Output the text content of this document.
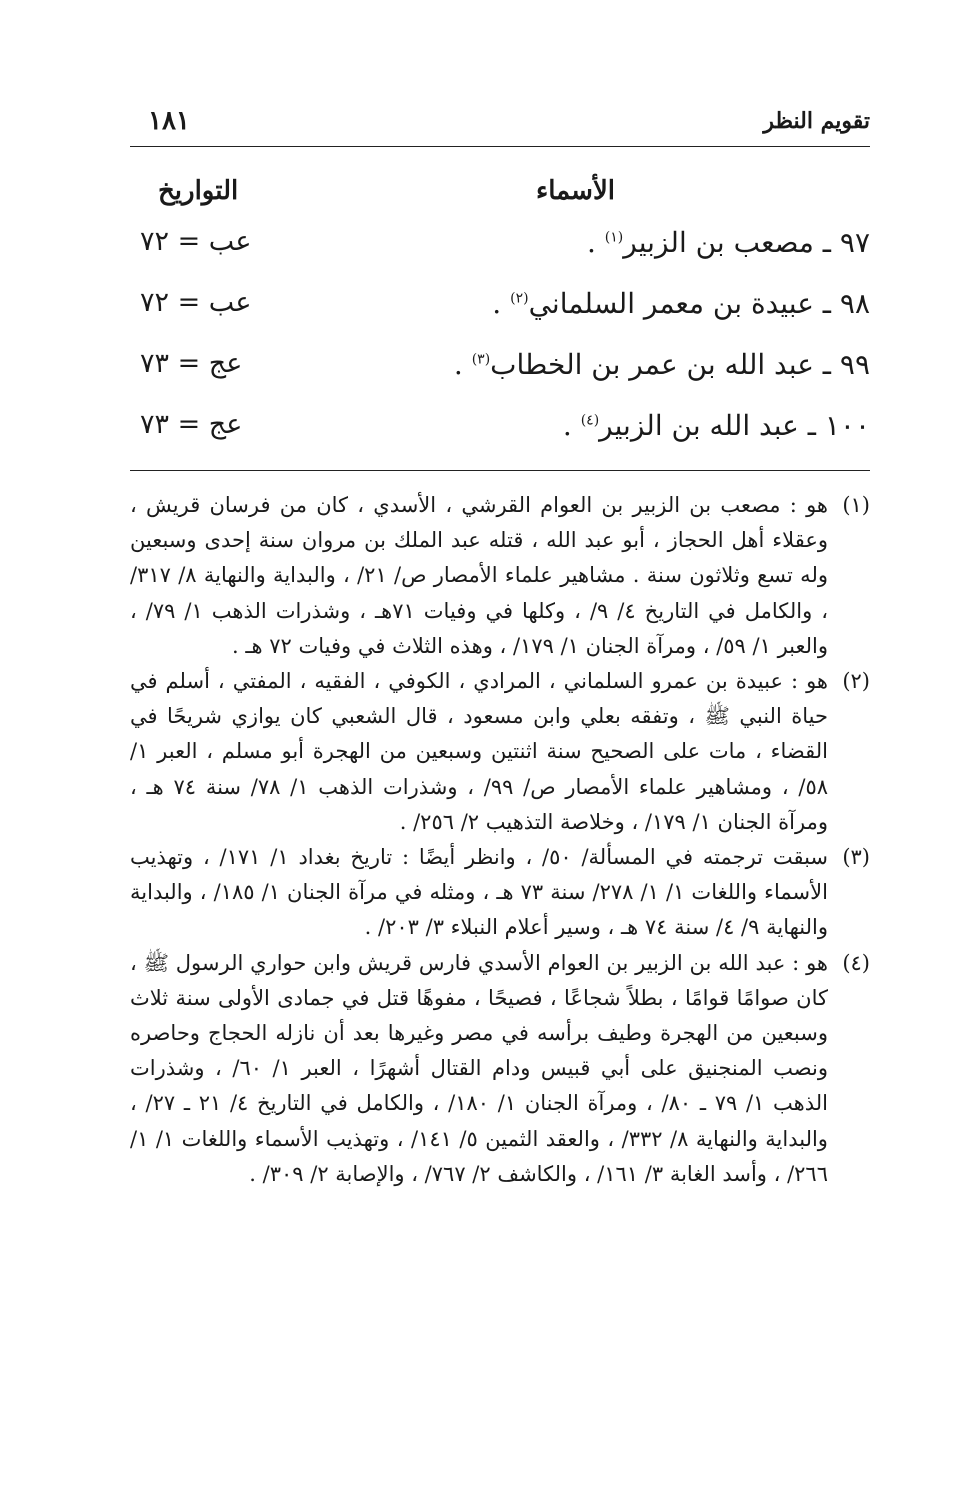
تقويم النظر
١٨١
الأسماء
التواريخ
٩٧ ـ مصعب بن الزبير$^{(١)}$ .
عب = ٧٢
٩٨ ـ عبيدة بن معمر السلماني$^{(٢)}$ .
عب = ٧٢
٩٩ ـ عبد الله بن عمر بن الخطاب$^{(٣)}$ .
عج = ٧٣
١٠٠ ـ عبد الله بن الزبير$^{(٤)}$ .
عج = ٧٣

(١)
هو : مصعب بن الزبير بن العوام القرشي ، الأسدي ، كان من فرسان قريش ، وعقلاء أهل الحجاز ، أبو عبد الله ، قتله عبد الملك بن مروان سنة إحدى وسبعين وله تسع وثلاثون سنة . مشاهير علماء الأمصار ص/ ٢١/ ، والبداية والنهاية ٨/ ٣١٧/ ، والكامل في التاريخ ٤/ ٩/ ، وكلها في وفيات ٧١هـ ، وشذرات الذهب ١/ ٧٩/ ، والعبر ١/ ٥٩/ ، ومرآة الجنان ١/ ١٧٩/ ، وهذه الثلاث في وفيات ٧٢ هـ .

(٢)
هو : عبيدة بن عمرو السلماني ، المرادي ، الكوفي ، الفقيه ، المفتي ، أسلم في حياة النبي ﷺ ، وتفقه بعلي وابن مسعود ، قال الشعبي كان يوازي شريحًا في القضاء ، مات على الصحيح سنة اثنتين وسبعين من الهجرة أبو مسلم ، العبر ١/ ٥٨/ ، ومشاهير علماء الأمصار ص/ ٩٩/ ، وشذرات الذهب ١/ ٧٨/ سنة ٧٤ هـ ، ومرآة الجنان ١/ ١٧٩/ ، وخلاصة التذهيب ٢/ ٢٥٦/ .

(٣)
سبقت ترجمته في المسألة/ ٥٠/ ، وانظر أيضًا : تاريخ بغداد ١/ ١٧١/ ، وتهذيب الأسماء واللغات ١/ ١/ ٢٧٨/ سنة ٧٣ هـ ، ومثله في مرآة الجنان ١/ ١٨٥/ ، والبداية والنهاية ٩/ ٤/ سنة ٧٤ هـ ، وسير أعلام النبلاء ٣/ ٢٠٣/ .

(٤)
هو : عبد الله بن الزبير بن العوام الأسدي فارس قريش وابن حواري الرسول ﷺ ، كان صوامًا قوامًا ، بطلاً شجاعًا ، فصيحًا ، مفوهًا قتل في جمادى الأولى سنة ثلاث وسبعين من الهجرة وطيف برأسه في مصر وغيرها بعد أن نازله الحجاج وحاصره ونصب المنجنيق على أبي قبيس ودام القتال أشهرًا ، العبر ١/ ٦٠/ ، وشذرات الذهب ١/ ٧٩ ـ ٨٠/ ، ومرآة الجنان ١/ ١٨٠/ ، والكامل في التاريخ ٤/ ٢١ ـ ٢٧/ ، والبداية والنهاية ٨/ ٣٣٢/ ، والعقد الثمين ٥/ ١٤١/ ، وتهذيب الأسماء واللغات ١/ ١/ ٢٦٦/ ، وأسد الغابة ٣/ ١٦١/ ، والكاشف ٢/ ٧٦٧/ ، والإصابة ٢/ ٣٠٩/ .
